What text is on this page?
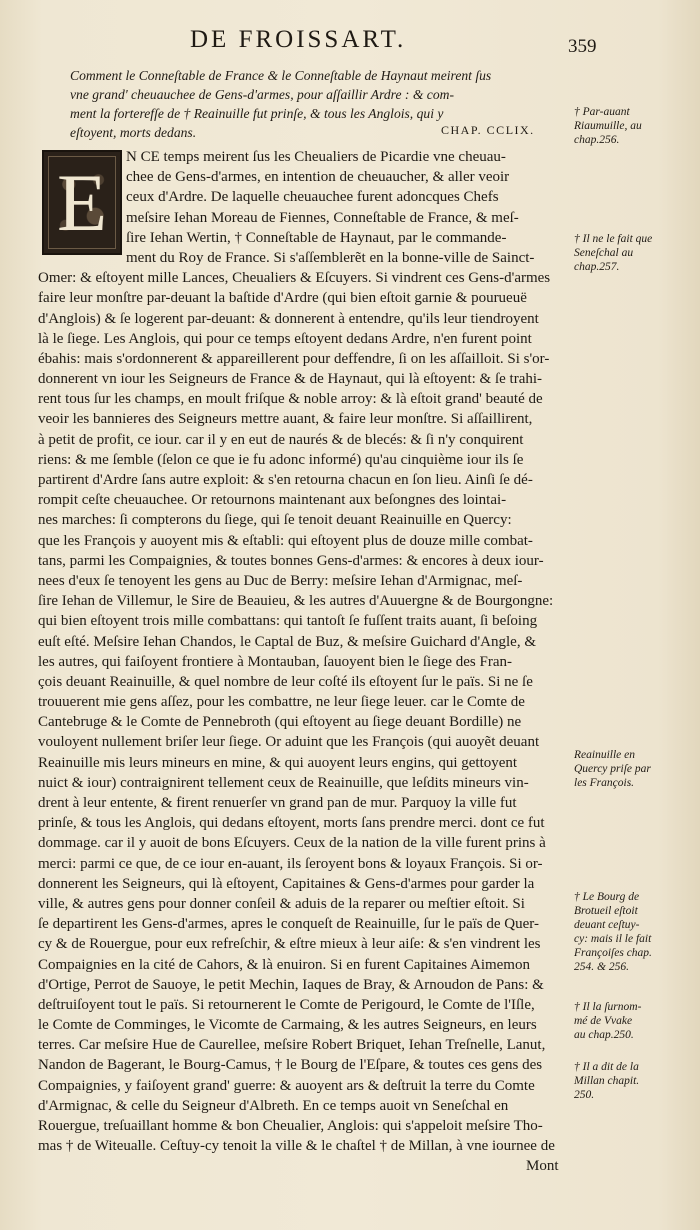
DE FROISSART.	359
Comment le Conneſtable de France & le Conneſtable de Haynaut meirent ſus
vne grand' cheuauchee de Gens-d'armes, pour aſſaillir Ardre : & com-
ment la forterefſe de † Reainuille fut prinſe, & tous les Anglois, qui y
eſtoyent, morts dedans.	CHAP. CCLIX.
E	N CE temps meirent ſus les Cheualiers de Picardie vne cheuau-
chee de Gens-d'armes, en intention de cheuaucher, & aller veoir
ceux d'Ardre. De laquelle cheuauchee furent adoncques Chefs
meſsire Iehan Moreau de Fiennes, Conneſtable de France, & meſ-
ſire Iehan Wertin, † Conneſtable de Haynaut, par le commande-
ment du Roy de France. Si s'aſſemblerẽt en la bonne-ville de Sainct-
Omer: & eſtoyent mille Lances, Cheualiers & Eſcuyers. Si vindrent ces Gens-d'armes
faire leur monſtre par-deuant la baſtide d'Ardre (qui bien eſtoit garnie & pourueuë
d'Anglois) & ſe logerent par-deuant: & donnerent à entendre, qu'ils leur tiendroyent
là le ſiege. Les Anglois, qui pour ce temps eſtoyent dedans Ardre, n'en furent point
ébahis: mais s'ordonnerent & appareillerent pour deffendre, ſi on les aſſailloit. Si s'or-
donnerent vn iour les Seigneurs de France & de Haynaut, qui là eſtoyent: & ſe trahi-
rent tous ſur les champs, en moult friſque & noble arroy: & là eſtoit grand' beauté de
veoir les bannieres des Seigneurs mettre auant, & faire leur monſtre. Si aſſaillirent,
à petit de profit, ce iour. car il y en eut de naurés & de blecés: & ſi n'y conquirent
riens: & me ſemble (ſelon ce que ie fu adonc informé) qu'au cinquième iour ils ſe
partirent d'Ardre ſans autre exploit: & s'en retourna chacun en ſon lieu. Ainſi ſe dé-
rompit ceſte cheuauchee. Or retournons maintenant aux beſongnes des lointai-
nes marches: ſi compterons du ſiege, qui ſe tenoit deuant Reainuille en Quercy:
que les François y auoyent mis & eſtabli: qui eſtoyent plus de douze mille combat-
tans, parmi les Compaignies, & toutes bonnes Gens-d'armes: & encores à deux iour-
nees d'eux ſe tenoyent les gens au Duc de Berry: meſsire Iehan d'Armignac, meſ-
ſire Iehan de Villemur, le Sire de Beauieu, & les autres d'Auuergne & de Bourgongne:
qui bien eſtoyent trois mille combattans: qui tantoſt ſe fuſſent traits auant, ſi beſoing
euſt eſté. Meſsire Iehan Chandos, le Captal de Buz, & meſsire Guichard d'Angle, &
les autres, qui faiſoyent frontiere à Montauban, ſauoyent bien le ſiege des Fran-
çois deuant Reainuille, & quel nombre de leur coſté ils eſtoyent ſur le païs. Si ne ſe
trouuerent mie gens aſſez, pour les combattre, ne leur ſiege leuer. car le Comte de
Cantebruge & le Comte de Pennebroth (qui eſtoyent au ſiege deuant Bordille) ne
vouloyent nullement briſer leur ſiege. Or aduint que les François (qui auoyẽt deuant
Reainuille mis leurs mineurs en mine, & qui auoyent leurs engins, qui gettoyent
nuict & iour) contraignirent tellement ceux de Reainuille, que leſdits mineurs vin-
drent à leur entente, & firent renuerſer vn grand pan de mur. Parquoy la ville fut
prinſe, & tous les Anglois, qui dedans eſtoyent, morts ſans prendre merci. dont ce fut
dommage. car il y auoit de bons Eſcuyers. Ceux de la nation de la ville furent prins à
merci: parmi ce que, de ce iour en-auant, ils ſeroyent bons & loyaux François. Si or-
donnerent les Seigneurs, qui là eſtoyent, Capitaines & Gens-d'armes pour garder la
ville, & autres gens pour donner conſeil & aduis de la reparer ou meſtier eſtoit. Si
ſe departirent les Gens-d'armes, apres le conqueſt de Reainuille, ſur le païs de Quer-
cy & de Rouergue, pour eux refreſchir, & eſtre mieux à leur aiſe: & s'en vindrent les
Compaignies en la cité de Cahors, & là enuiron. Si en furent Capitaines Aimemon
d'Ortige, Perrot de Sauoye, le petit Mechin, Iaques de Bray, & Arnoudon de Pans: &
deſtruiſoyent tout le païs. Si retournerent le Comte de Perigourd, le Comte de l'Iſle,
le Comte de Comminges, le Vicomte de Carmaing, & les autres Seigneurs, en leurs
terres. Car meſsire Hue de Caurellee, meſsire Robert Briquet, Iehan Treſnelle, Lanut,
Nandon de Bagerant, le Bourg-Camus, † le Bourg de l'Eſpare, & toutes ces gens des
Compaignies, y faiſoyent grand' guerre: & auoyent ars & deſtruit la terre du Comte
d'Armignac, & celle du Seigneur d'Albreth. En ce temps auoit vn Seneſchal en
Rouergue, treſuaillant homme & bon Cheualier, Anglois: qui s'appeloit meſsire Tho-
mas † de Witeualle. Ceſtuy-cy tenoit la ville & le chaſtel † de Millan, à vne iournee de
Mont
† Par-auant
Riaumuille, au
chap.256.
† Il ne le fait que
Seneſchal au
chap.257.
Reainuille en
Quercy priſe par
les François.
† Le Bourg de
Brotueil eſtoit
deuant ceſtuy-
cy: mais il le fait
Françoiſes chap.
254. & 256.
† Il la ſurnom-
mé de Vvake
au chap.250.
† Il a dit de la
Millan chapit.
250.
